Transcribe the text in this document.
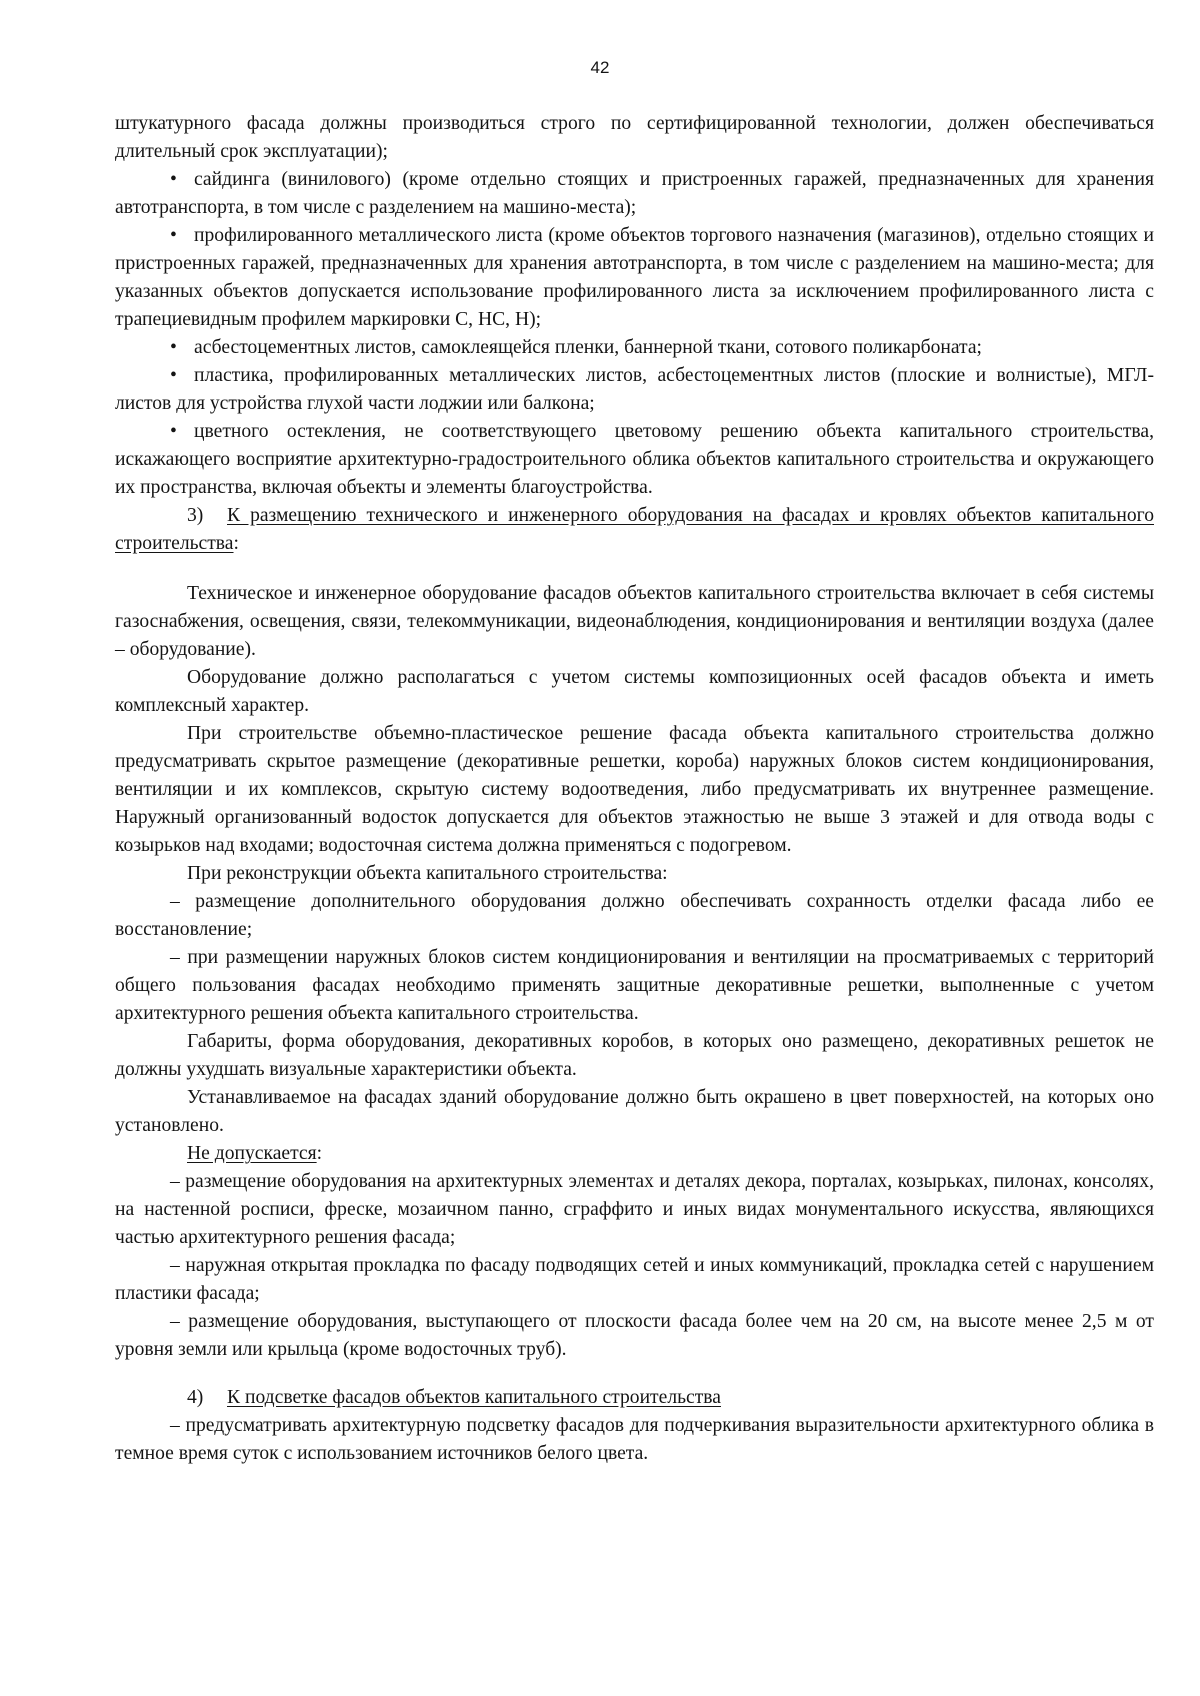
42

штукатурного фасада должны производиться строго по сертифицированной технологии, должен обеспечиваться длительный срок эксплуатации);

• сайдинга (винилового) (кроме отдельно стоящих и пристроенных гаражей, предназначенных для хранения автотранспорта, в том числе с разделением на машино-места);

• профилированного металлического листа (кроме объектов торгового назначения (магазинов), отдельно стоящих и пристроенных гаражей, предназначенных для хранения автотранспорта, в том числе с разделением на машино-места; для указанных объектов допускается использование профилированного листа за исключением профилированного листа с трапециевидным профилем маркировки С, НС, Н);

• асбестоцементных листов, самоклеящейся пленки, баннерной ткани, сотового поликарбоната;

• пластика, профилированных металлических листов, асбестоцементных листов (плоские и волнистые), МГЛ-листов для устройства глухой части лоджии или балкона;

• цветного остекления, не соответствующего цветовому решению объекта капитального строительства, искажающего восприятие архитектурно-градостроительного облика объектов капитального строительства и окружающего их пространства, включая объекты и элементы благоустройства.

3) К размещению технического и инженерного оборудования на фасадах и кровлях объектов капитального строительства:

Техническое и инженерное оборудование фасадов объектов капитального строительства включает в себя системы газоснабжения, освещения, связи, телекоммуникации, видеонаблюдения, кондиционирования и вентиляции воздуха (далее – оборудование).

Оборудование должно располагаться с учетом системы композиционных осей фасадов объекта и иметь комплексный характер.

При строительстве объемно-пластическое решение фасада объекта капитального строительства должно предусматривать скрытое размещение (декоративные решетки, короба) наружных блоков систем кондиционирования, вентиляции и их комплексов, скрытую систему водоотведения, либо предусматривать их внутреннее размещение. Наружный организованный водосток допускается для объектов этажностью не выше 3 этажей и для отвода воды с козырьков над входами; водосточная система должна применяться с подогревом.

При реконструкции объекта капитального строительства:

– размещение дополнительного оборудования должно обеспечивать сохранность отделки фасада либо ее восстановление;

– при размещении наружных блоков систем кондиционирования и вентиляции на просматриваемых с территорий общего пользования фасадах необходимо применять защитные декоративные решетки, выполненные с учетом архитектурного решения объекта капитального строительства.

Габариты, форма оборудования, декоративных коробов, в которых оно размещено, декоративных решеток не должны ухудшать визуальные характеристики объекта.

Устанавливаемое на фасадах зданий оборудование должно быть окрашено в цвет поверхностей, на которых оно установлено.

Не допускается:

– размещение оборудования на архитектурных элементах и деталях декора, порталах, козырьках, пилонах, консолях, на настенной росписи, фреске, мозаичном панно, сграффито и иных видах монументального искусства, являющихся частью архитектурного решения фасада;

– наружная открытая прокладка по фасаду подводящих сетей и иных коммуникаций, прокладка сетей с нарушением пластики фасада;

– размещение оборудования, выступающего от плоскости фасада более чем на 20 см, на высоте менее 2,5 м от уровня земли или крыльца (кроме водосточных труб).

4) К подсветке фасадов объектов капитального строительства

– предусматривать архитектурную подсветку фасадов для подчеркивания выразительности архитектурного облика в темное время суток с использованием источников белого цвета.
